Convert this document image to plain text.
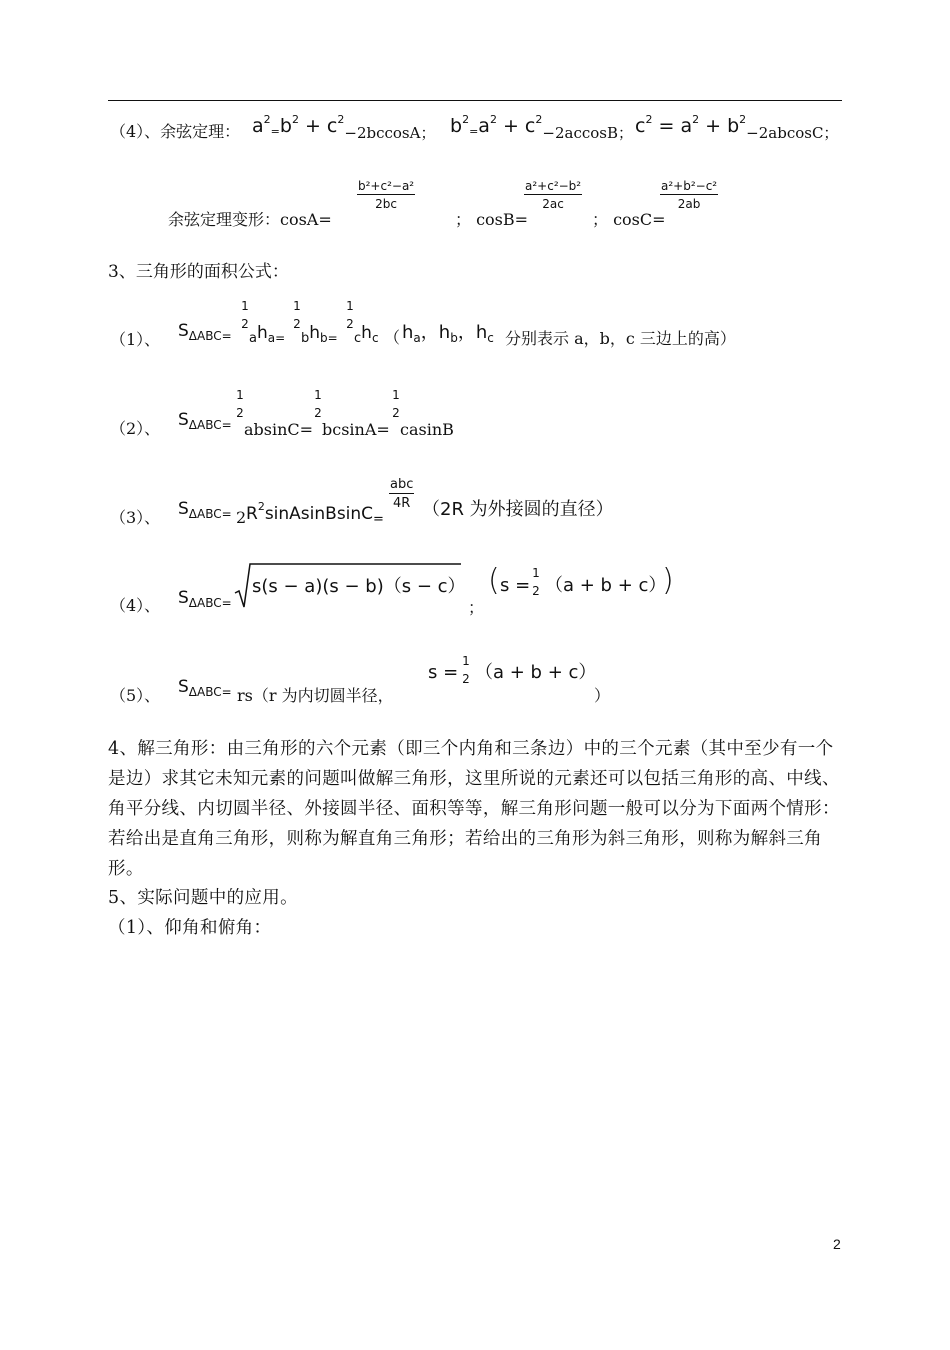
（4）、余弦定理： $a^2_=b^2 + c^2_{-2bccosA;}$ $b^2_=a^2 + c^2_{-2accosB;}$ $c^2 = a^2 + b^2_{-2abcosC;}$
余弦定理变形：cosA=
$\frac{\text{b²+c²−a²}}{2bc}$
； cosB=
$\frac{\text{a²+c²−b²}}{2ac}$
； cosC=
$\frac{\text{a²+b²−c²}}{2ab}$
3、三角形的面积公式：
（1）、 $S_{\Delta ABC=}$
1
2
$_ah_{a=}$
1
2
$_bh_{b=}$
1
2
$_ch_c$ （ $h_a$，$h_b$，$h_c$ 分别表示 a，b，c 三边上的高）
（2）、 $S_{\Delta ABC=}$
1
2
absinC=
1
2
bcsinA=
1
2
casinB
（3）、 $S_{\Delta ABC=}$ 2 $R^2sinAsinBsinC_=$
abc
4R （2R 为外接圆的直径）
（4）、 $S_{\Delta ABC=}$
s(s − a)(s − b)（s − c）
；
( s =
1
2 （a + b + c）
)
（5）、 $S_{\Delta ABC=}$ rs（r 为内切圆半径，
s =
1
2 （a + b + c）
）
4、解三角形：由三角形的六个元素（即三个内角和三条边）中的三个元素（其中至少有一个是边）求其它未知元素的问题叫做解三角形，这里所说的元素还可以包括三角形的高、中线、角平分线、内切圆半径、外接圆半径、面积等等，解三角形问题一般可以分为下面两个情形：若给出是直角三角形，则称为解直角三角形；若给出的三角形为斜三角形，则称为解斜三角形。
5、实际问题中的应用。
（1）、仰角和俯角：
2
